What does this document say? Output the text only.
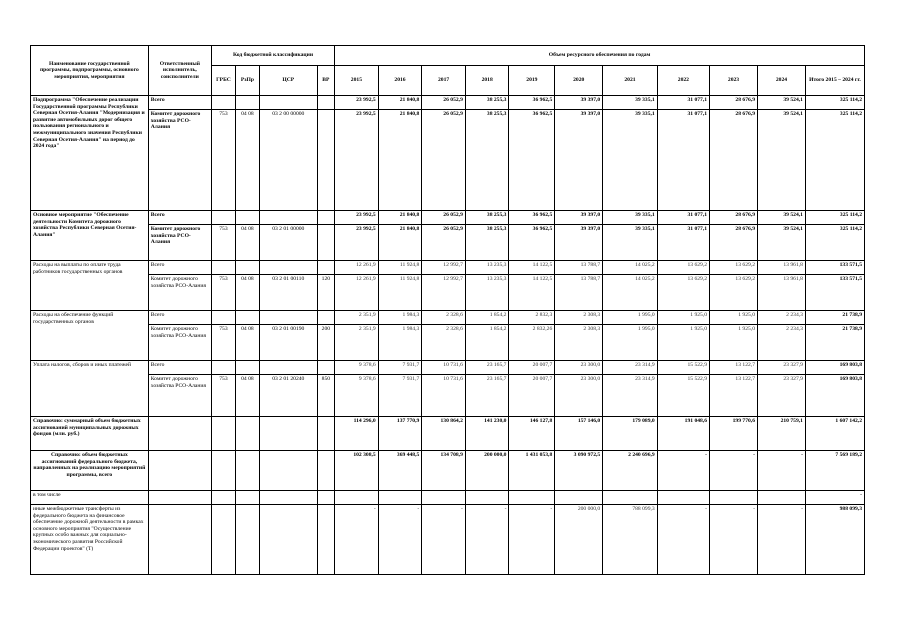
Наименование государственной программы, подпрограммы, основного мероприятия, мероприятия	Ответственный исполнитель, соисполнители	Код бюджетной классификации				Объем ресурсного обеспечения по годам										
		ГРБС	РзПр	ЦСР	ВР	2015	2016	2017	2018	2019	2020	2021	2022	2023	2024	Итого 2015 – 2024 гг.
Подпрограмма "Обеспечение реализации Государственной программы Республики Северная Осетия-Алания "Модернизация и развитие автомобильных дорог общего пользования регионального и межмуниципального значения Республики Северная Осетия-Алания" на период до 2024 года"	Всего					23 992,5	21 840,8	26 052,9	38 255,3	36 962,5	39 397,0	39 335,1	31 077,1	28 676,9	39 524,1	325 114,2
	Комитет дорожного хозяйства РСО-Алания	753	04 08	03 2 00 00000		23 992,5	21 840,8	26 052,9	38 255,3	36 962,5	39 397,0	39 335,1	31 077,1	28 676,9	39 524,1	325 114,2
Основное мероприятие "Обеспечение деятельности Комитета дорожного хозяйства Республики Северная Осетия-Алания"	Всего					23 992,5	21 840,8	26 052,9	38 255,3	36 962,5	39 397,0	39 335,1	31 077,1	28 676,9	39 524,1	325 114,2
	Комитет дорожного хозяйства РСО-Алания	753	04 08	03 2 01 00000		23 992,5	21 840,8	26 052,9	38 255,3	36 962,5	39 397,0	39 335,1	31 077,1	28 676,9	39 524,1	325 114,2
Расходы на выплаты по оплате труда работников государственных органов	Всего					12 261,9	11 924,8	12 992,7	13 235,3	14 122,5	13 788,7	14 025,2	13 629,2	13 629,2	13 961,8	133 571,5
	Комитет дорожного хозяйства РСО-Алания	753	04 08	03 2 01 00110	120	12 261,9	11 924,8	12 992,7	13 235,3	14 122,5	13 788,7	14 025,2	13 629,2	13 629,2	13 961,8	133 571,5
Расходы на обеспечение функций государственных органов	Всего					2 351,9	1 984,3	2 328,6	1 854,2	2 832,3	2 308,3	1 995,0	1 925,0	1 925,0	2 234,3	21 738,9
	Комитет дорожного хозяйства РСО-Алания	753	04 08	03 2 01 00190	200	2 351,9	1 984,3	2 328,6	1 854,2	2 832,26	2 308,3	1 995,0	1 925,0	1 925,0	2 234,3	21 738,9
Уплата налогов, сборов и иных платежей	Всего					9 378,6	7 931,7	10 731,6	23 165,7	20 007,7	23 300,0	23 314,9	15 522,9	13 122,7	23 327,9	169 803,8
	Комитет дорожного хозяйства РСО-Алания	753	04 08	03 2 01 20240	850	9 378,6	7 931,7	10 731,6	23 165,7	20 007,7	23 300,0	23 314,9	15 522,9	13 122,7	23 327,9	169 803,8
Справочно: суммарный объем бюджетных ассигнований муниципальных дорожных фондов (млн. руб.)						114 296,0	137 770,9	130 864,2	141 230,0	146 127,8	157 146,0	179 089,0	191 048,6	199 770,6	210 759,1	1 607 142,2
Справочно: объем бюджетных ассигнований федерального бюджета, направленных на реализацию мероприятий программы, всего						102 308,5	369 448,5	134 708,9	200 000,0	1 431 053,8	3 090 972,5	2 240 696,9	-	-	-	7 569 189,2
в том числе																-
иные межбюджетные трансферты из федерального бюджета на финансовое обеспечение дорожной деятельности в рамках основного мероприятия "Осуществление крупных особо важных для социально-экономического развития Российской Федерации проектов" (Т)						-	-	-	-	-	200 000,0	788 099,3	-	-	-	988 099,3
